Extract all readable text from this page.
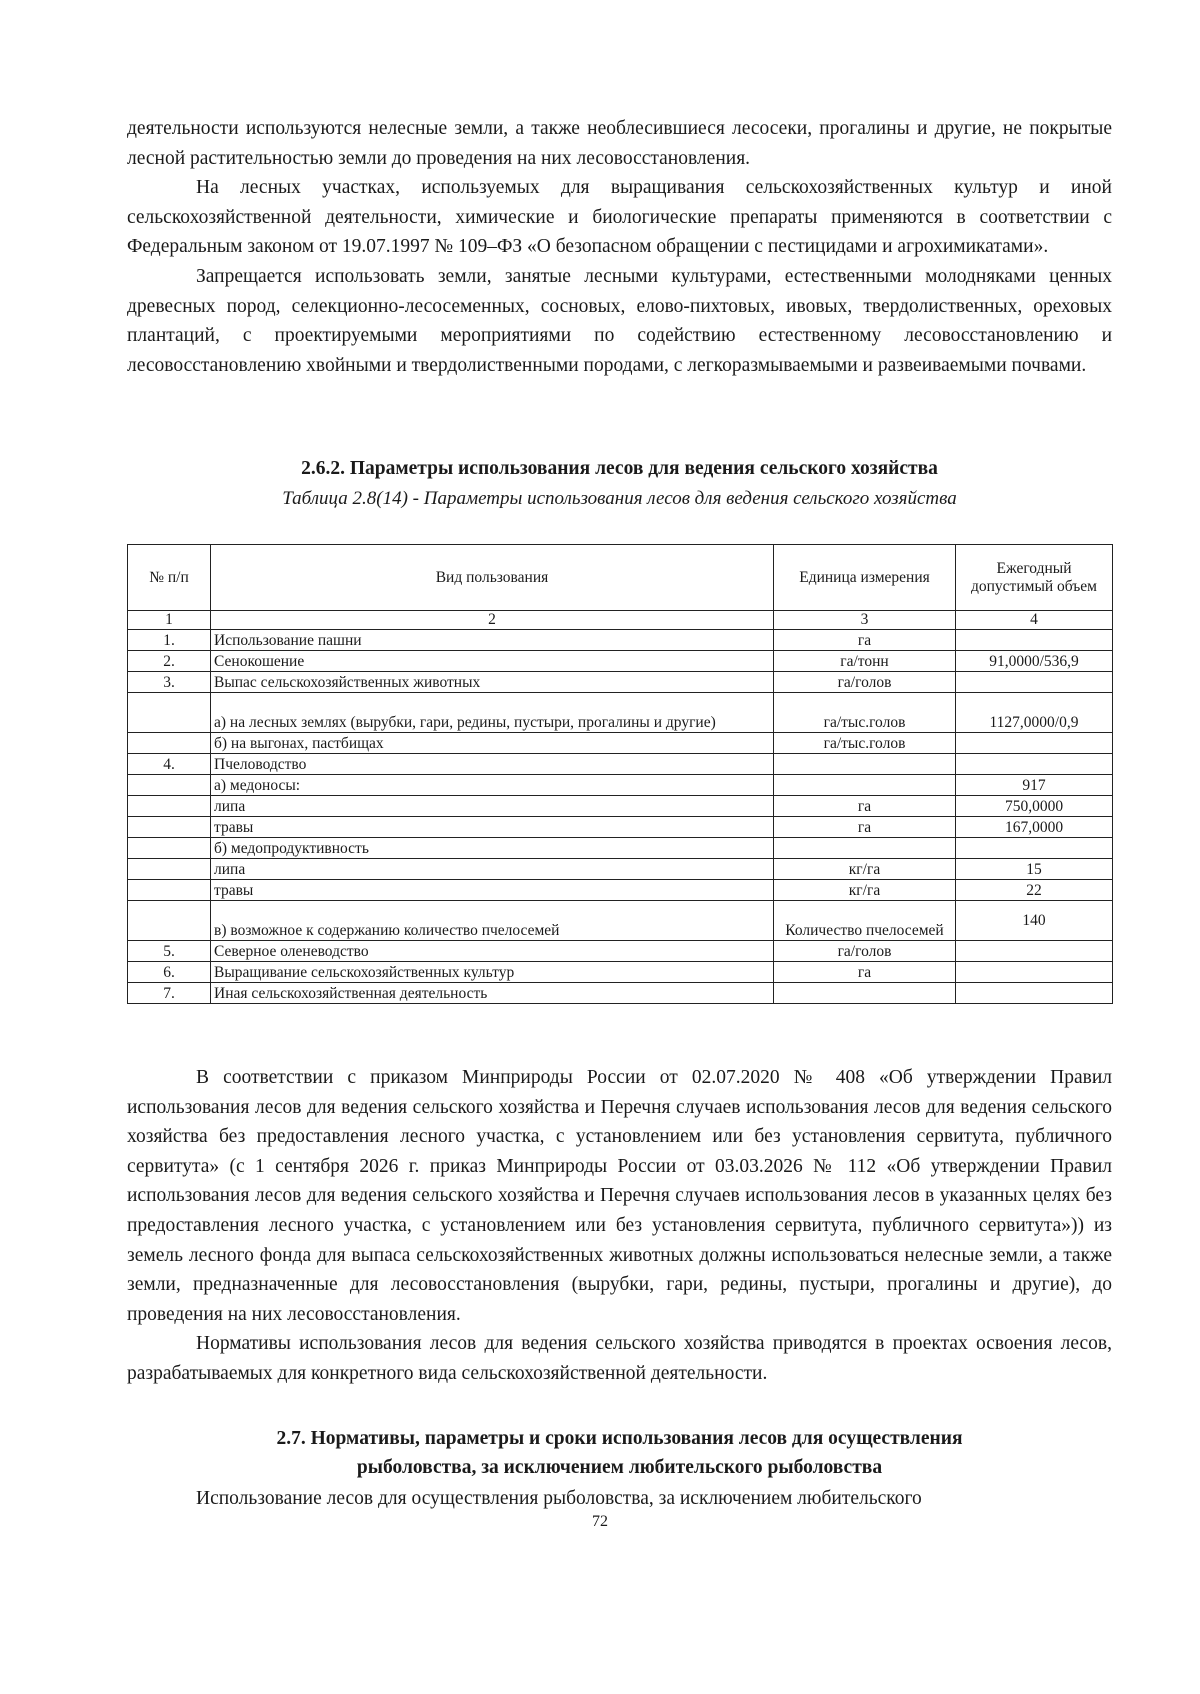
деятельности используются нелесные земли, а также необлесившиеся лесосеки, прогалины и другие, не покрытые лесной растительностью земли до проведения на них лесовосстановления.

На лесных участках, используемых для выращивания сельскохозяйственных культур и иной сельскохозяйственной деятельности, химические и биологические препараты применяются в соответствии с Федеральным законом от 19.07.1997 № 109–ФЗ «О безопасном обращении с пестицидами и агрохимикатами».

Запрещается использовать земли, занятые лесными культурами, естественными молодняками ценных древесных пород, селекционно-лесосеменных, сосновых, елово-пихтовых, ивовых, твердолиственных, ореховых плантаций, с проектируемыми мероприятиями по содействию естественному лесовосстановлению и лесовосстановлению хвойными и твердолиственными породами, с легкоразмываемыми и развеиваемыми почвами.

2.6.2. Параметры использования лесов для ведения сельского хозяйства
Таблица 2.8(14) - Параметры использования лесов для ведения сельского хозяйства
№ п/п	Вид пользования	Единица измерения	Ежегодный допустимый объем
1	2	3	4
1.	Использование пашни	га	
2.	Сенокошение	га/тонн	91,0000/536,9
3.	Выпас сельскохозяйственных животных	га/голов	
	а) на лесных землях (вырубки, гари, редины, пустыри, прогалины и другие)	га/тыс.голов	1127,0000/0,9
	б) на выгонах, пастбищах	га/тыс.голов	
4.	Пчеловодство		
	а) медоносы:		917
	липа	га	750,0000
	травы	га	167,0000
	б) медопродуктивность		
	липа	кг/га	15
	травы	кг/га	22
	в) возможное к содержанию количество пчелосемей	Количество пчелосемей	140
5.	Северное оленеводство	га/голов	
6.	Выращивание сельскохозяйственных культур	га	
7.	Иная сельскохозяйственная деятельность		

В соответствии с приказом Минприроды России от 02.07.2020 № 408 «Об утверждении Правил использования лесов для ведения сельского хозяйства и Перечня случаев использования лесов для ведения сельского хозяйства без предоставления лесного участка, с установлением или без установления сервитута, публичного сервитута» (с 1 сентября 2026 г. приказ Минприроды России от 03.03.2026 № 112 «Об утверждении Правил использования лесов для ведения сельского хозяйства и Перечня случаев использования лесов в указанных целях без предоставления лесного участка, с установлением или без установления сервитута, публичного сервитута»)) из земель лесного фонда для выпаса сельскохозяйственных животных должны использоваться нелесные земли, а также земли, предназначенные для лесовосстановления (вырубки, гари, редины, пустыри, прогалины и другие), до проведения на них лесовосстановления.

Нормативы использования лесов для ведения сельского хозяйства приводятся в проектах освоения лесов, разрабатываемых для конкретного вида сельскохозяйственной деятельности.

2.7. Нормативы, параметры и сроки использования лесов для осуществления
рыболовства, за исключением любительского рыболовства
Использование лесов для осуществления рыболовства, за исключением любительского
72
